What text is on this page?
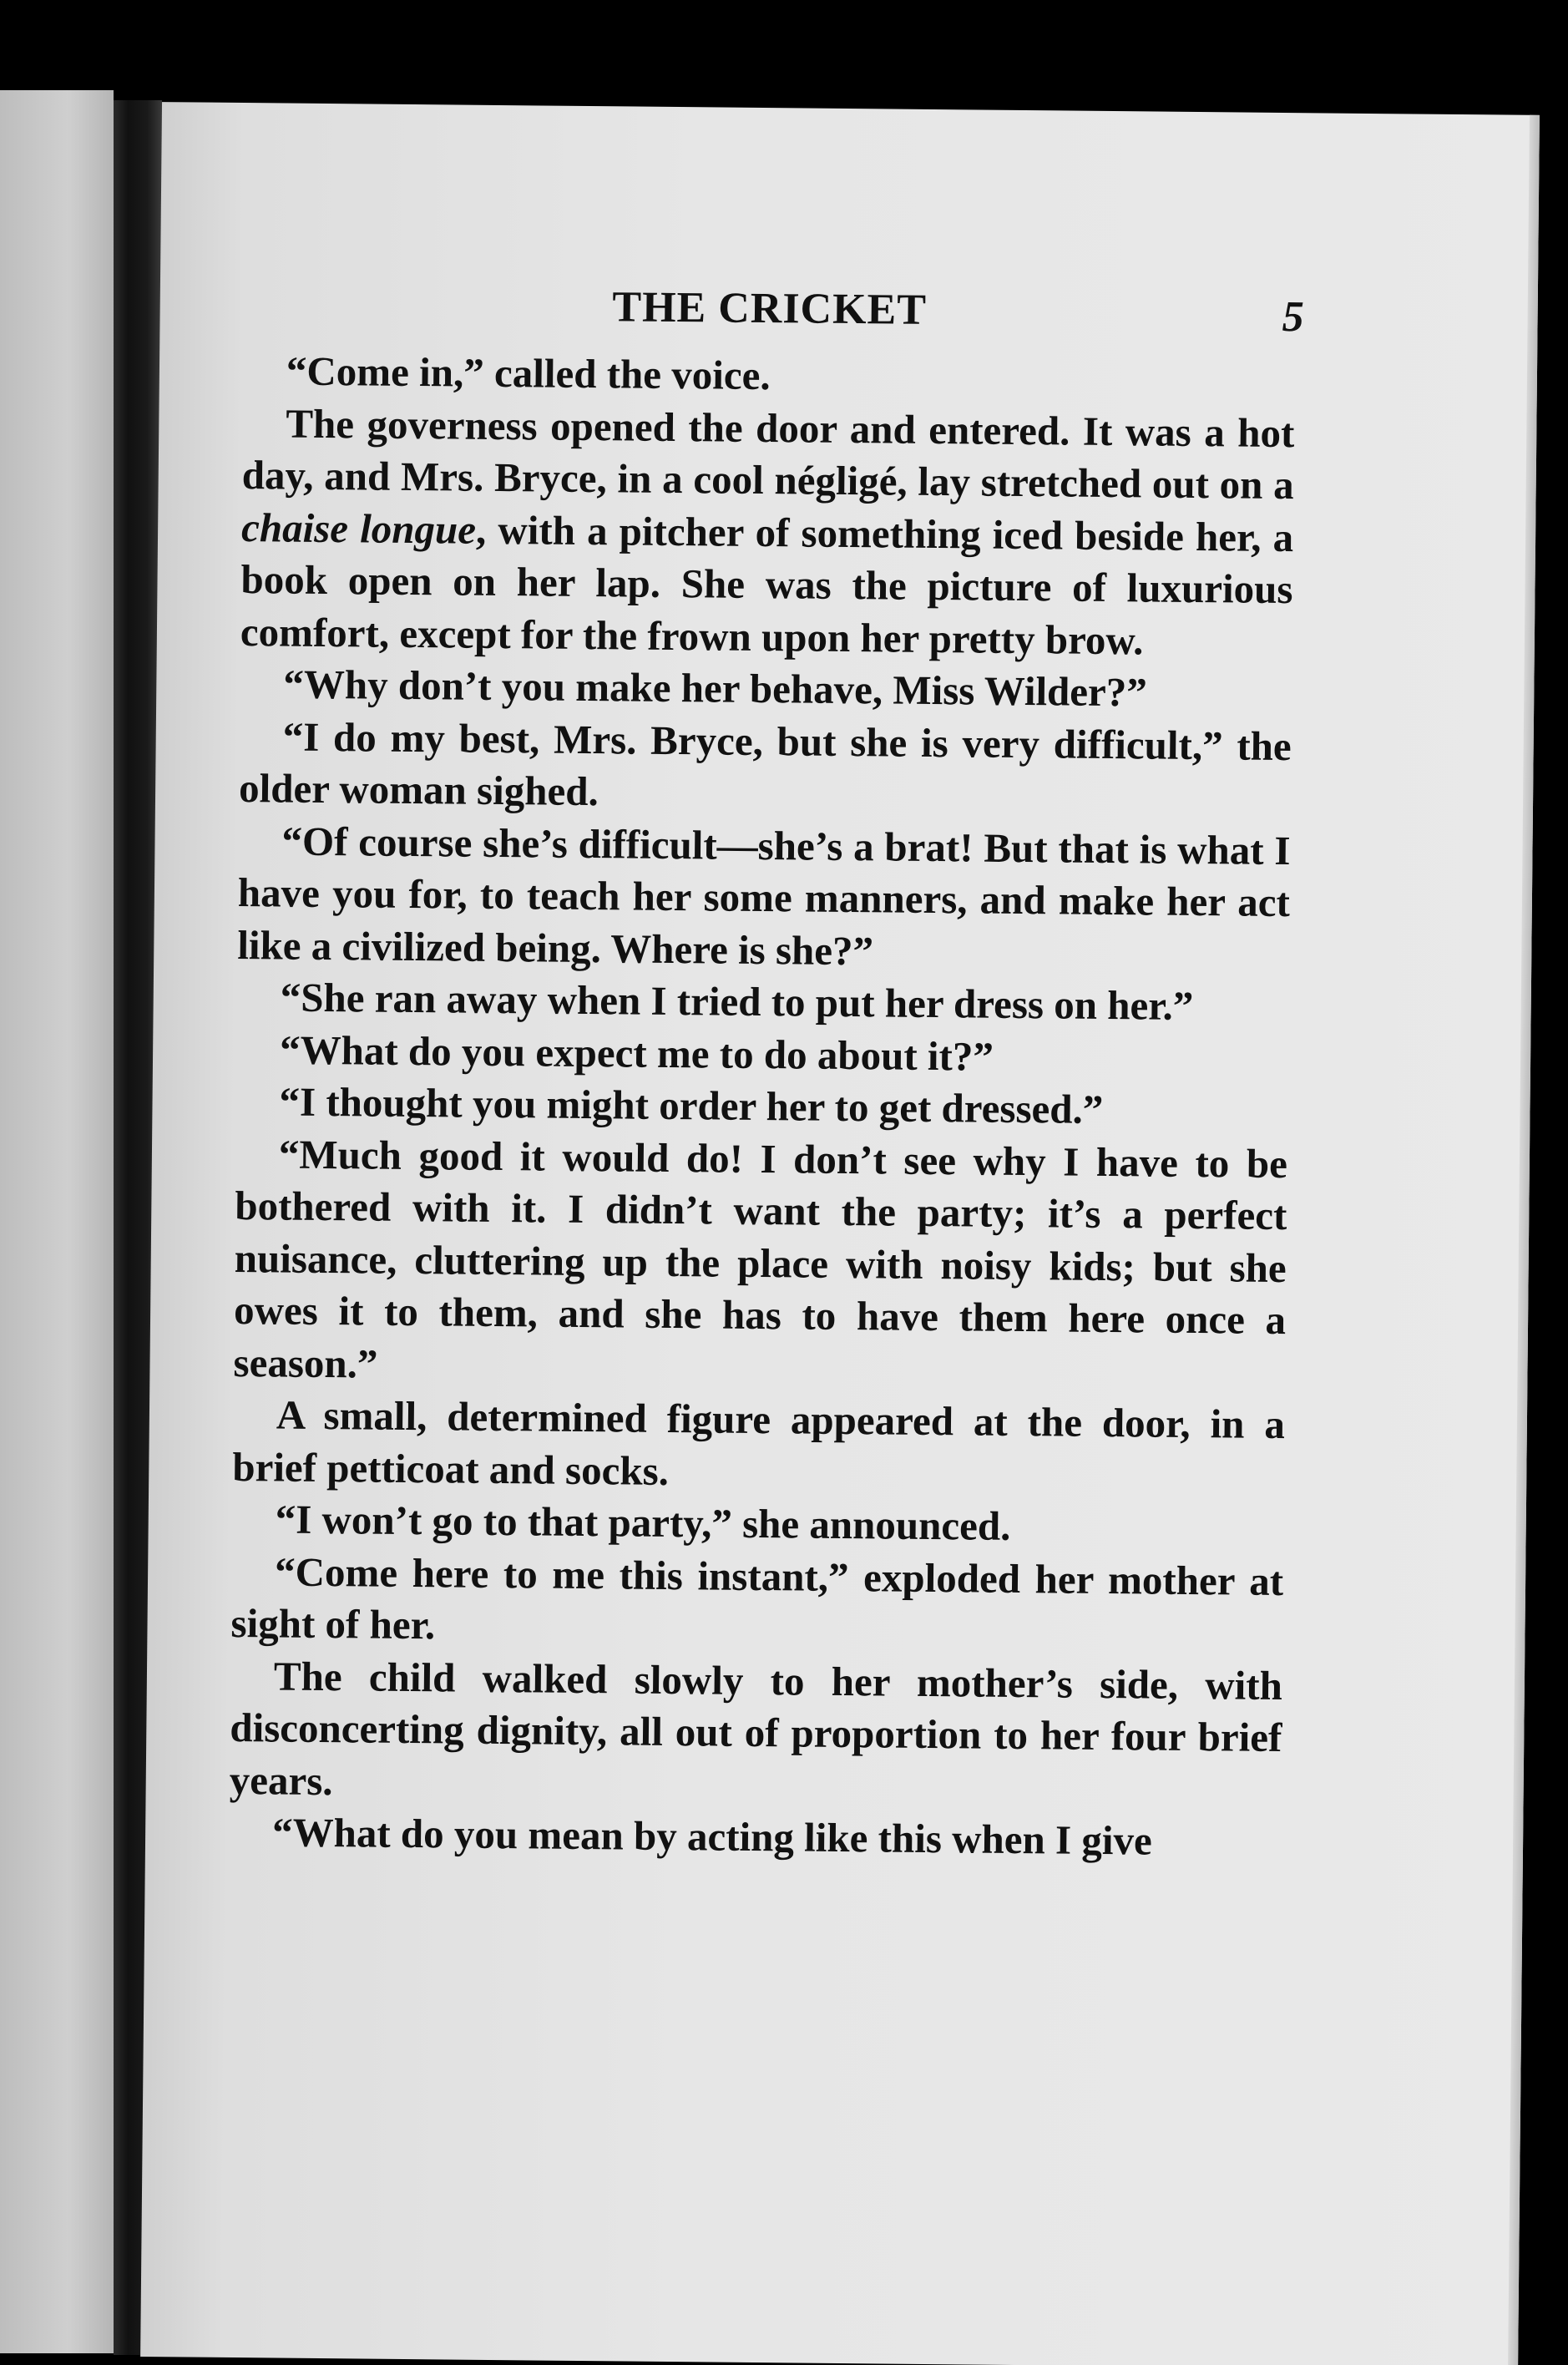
THE CRICKET	5

“Come in,” called the voice.

The governess opened the door and entered. It was a hot day, and Mrs. Bryce, in a cool négligé, lay stretched out on a chaise longue, with a pitcher of something iced beside her, a book open on her lap. She was the picture of luxurious comfort, except for the frown upon her pretty brow.

“Why don’t you make her behave, Miss Wilder?”

“I do my best, Mrs. Bryce, but she is very difficult,” the older woman sighed.

“Of course she’s difficult—she’s a brat! But that is what I have you for, to teach her some manners, and make her act like a civilized being. Where is she?”

“She ran away when I tried to put her dress on her.”

“What do you expect me to do about it?”

“I thought you might order her to get dressed.”

“Much good it would do! I don’t see why I have to be bothered with it. I didn’t want the party; it’s a perfect nuisance, cluttering up the place with noisy kids; but she owes it to them, and she has to have them here once a season.”

A small, determined figure appeared at the door, in a brief petticoat and socks.

“I won’t go to that party,” she announced.

“Come here to me this instant,” exploded her mother at sight of her.

The child walked slowly to her mother’s side, with disconcerting dignity, all out of proportion to her four brief years.

“What do you mean by acting like this when I give
